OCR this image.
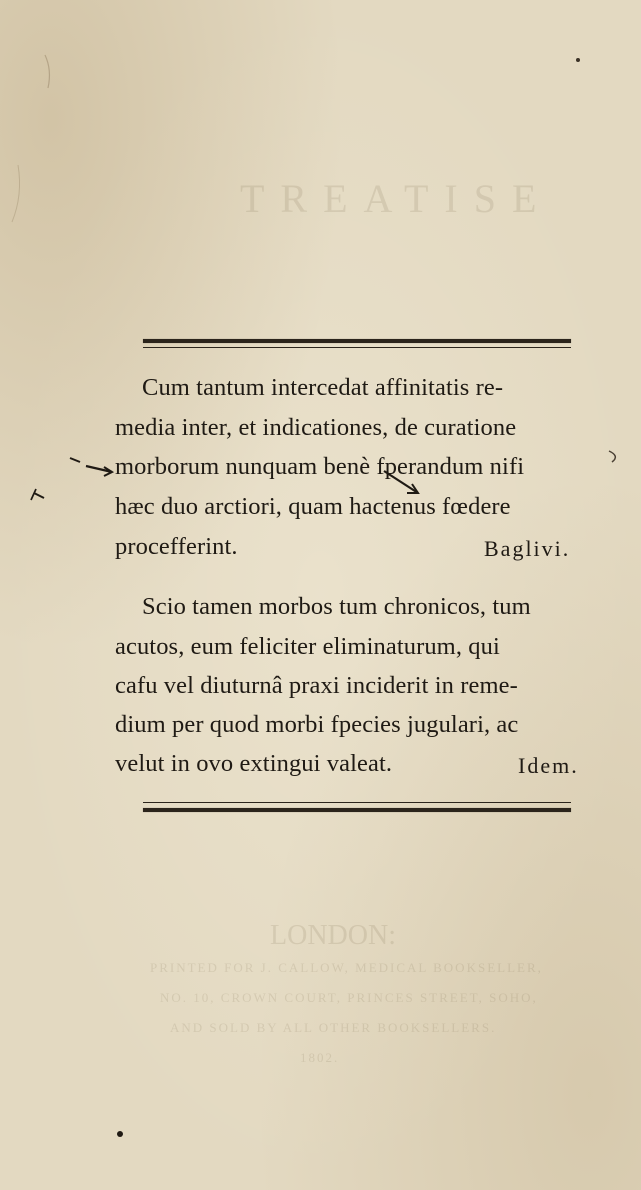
TREATISE
LONDON:
PRINTED FOR J. CALLOW, MEDICAL BOOKSELLER,
NO. 10, CROWN COURT, PRINCES STREET, SOHO,
AND SOLD BY ALL OTHER BOOKSELLERS.
1802.
Cum tantum intercedat affinitatis re-
media inter, et indicationes, de curatione
morborum nunquam benè fperandum nifi
hæc duo arctiori, quam hactenus fœdere
procefferint.	Baglivi.
Scio tamen morbos tum chronicos, tum
acutos, eum feliciter eliminaturum, qui
cafu vel diuturnâ praxi inciderit in reme-
dium per quod morbi fpecies jugulari, ac
velut in ovo extingui valeat.	Idem.
